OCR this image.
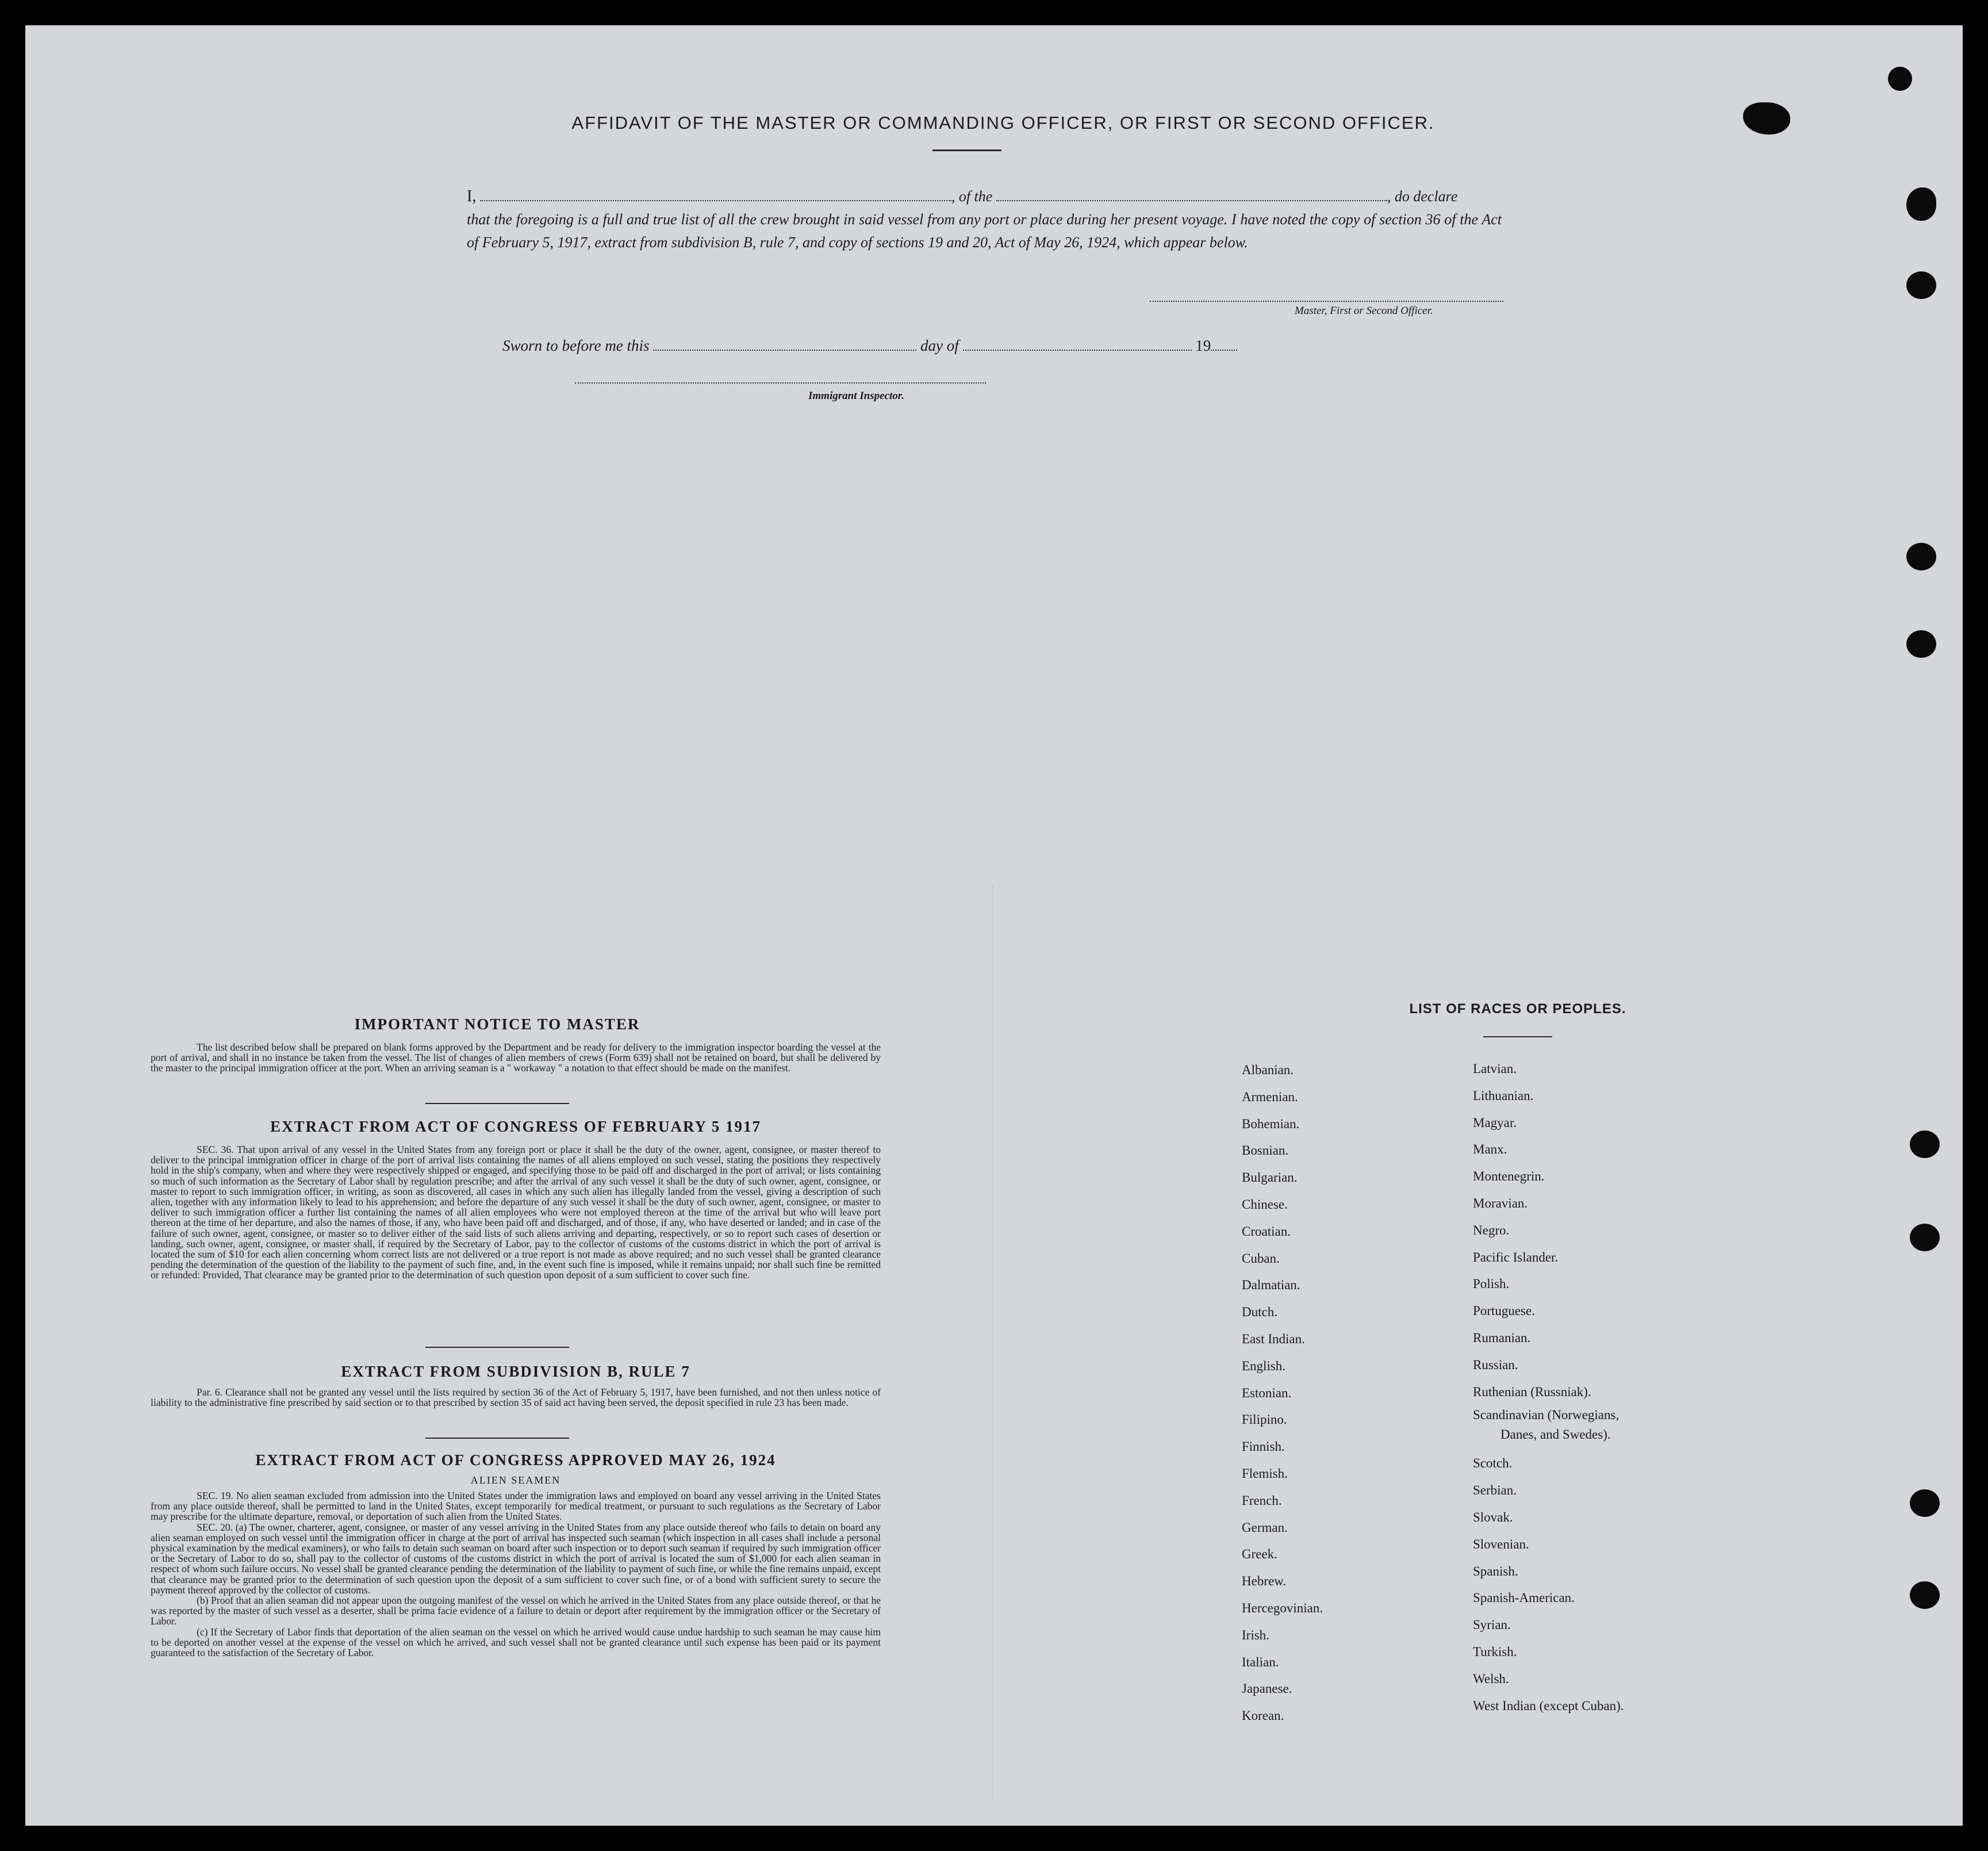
AFFIDAVIT OF THE MASTER OR COMMANDING OFFICER, OR FIRST OR SECOND OFFICER.
I,	, of the	, do declare
that the foregoing is a full and true list of all the crew brought in said vessel from any port or place during her present voyage. I have noted the copy of section 36 of the Act of February 5, 1917, extract from subdivision B, rule 7, and copy of sections 19 and 20, Act of May 26, 1924, which appear below.
Master, First or Second Officer.
Sworn to before me this	day of	19
Immigrant Inspector.
IMPORTANT NOTICE TO MASTER

The list described below shall be prepared on blank forms approved by the Department and be ready for delivery to the immigration inspector boarding the vessel at the port of arrival, and shall in no instance be taken from the vessel. The list of changes of alien members of crews (Form 639) shall not be retained on board, but shall be delivered by the master to the principal immigration officer at the port. When an arriving seaman is a " workaway " a notation to that effect should be made on the manifest.

EXTRACT FROM ACT OF CONGRESS OF FEBRUARY 5 1917

SEC. 36. That upon arrival of any vessel in the United States from any foreign port or place it shall be the duty of the owner, agent, consignee, or master thereof to deliver to the principal immigration officer in charge of the port of arrival lists containing the names of all aliens employed on such vessel, stating the positions they respectively hold in the ship's company, when and where they were respectively shipped or engaged, and specifying those to be paid off and discharged in the port of arrival; or lists containing so much of such information as the Secretary of Labor shall by regulation prescribe; and after the arrival of any such vessel it shall be the duty of such owner, agent, consignee, or master to report to such immigration officer, in writing, as soon as discovered, all cases in which any such alien has illegally landed from the vessel, giving a description of such alien, together with any information likely to lead to his apprehension; and before the departure of any such vessel it shall be the duty of such owner, agent, consignee, or master to deliver to such immigration officer a further list containing the names of all alien employees who were not employed thereon at the time of the arrival but who will leave port thereon at the time of her departure, and also the names of those, if any, who have been paid off and discharged, and of those, if any, who have deserted or landed; and in case of the failure of such owner, agent, consignee, or master so to deliver either of the said lists of such aliens arriving and departing, respectively, or so to report such cases of desertion or landing, such owner, agent, consignee, or master shall, if required by the Secretary of Labor, pay to the collector of customs of the customs district in which the port of arrival is located the sum of $10 for each alien concerning whom correct lists are not delivered or a true report is not made as above required; and no such vessel shall be granted clearance pending the determination of the question of the liability to the payment of such fine, and, in the event such fine is imposed, while it remains unpaid; nor shall such fine be remitted or refunded: Provided, That clearance may be granted prior to the determination of such question upon deposit of a sum sufficient to cover such fine.

EXTRACT FROM SUBDIVISION B, RULE 7

Par. 6. Clearance shall not be granted any vessel until the lists required by section 36 of the Act of February 5, 1917, have been furnished, and not then unless notice of liability to the administrative fine prescribed by said section or to that prescribed by section 35 of said act having been served, the deposit specified in rule 23 has been made.

EXTRACT FROM ACT OF CONGRESS APPROVED MAY 26, 1924
ALIEN SEAMEN

SEC. 19. No alien seaman excluded from admission into the United States under the immigration laws and employed on board any vessel arriving in the United States from any place outside thereof, shall be permitted to land in the United States, except temporarily for medical treatment, or pursuant to such regulations as the Secretary of Labor may prescribe for the ultimate departure, removal, or deportation of such alien from the United States.

SEC. 20. (a) The owner, charterer, agent, consignee, or master of any vessel arriving in the United States from any place outside thereof who fails to detain on board any alien seaman employed on such vessel until the immigration officer in charge at the port of arrival has inspected such seaman (which inspection in all cases shall include a personal physical examination by the medical examiners), or who fails to detain such seaman on board after such inspection or to deport such seaman if required by such immigration officer or the Secretary of Labor to do so, shall pay to the collector of customs of the customs district in which the port of arrival is located the sum of $1,000 for each alien seaman in respect of whom such failure occurs. No vessel shall be granted clearance pending the determination of the liability to payment of such fine, or while the fine remains unpaid, except that clearance may be granted prior to the determination of such question upon the deposit of a sum sufficient to cover such fine, or of a bond with sufficient surety to secure the payment thereof approved by the collector of customs.

(b) Proof that an alien seaman did not appear upon the outgoing manifest of the vessel on which he arrived in the United States from any place outside thereof, or that he was reported by the master of such vessel as a deserter, shall be prima facie evidence of a failure to detain or deport after requirement by the immigration officer or the Secretary of Labor.

(c) If the Secretary of Labor finds that deportation of the alien seaman on the vessel on which he arrived would cause undue hardship to such seaman he may cause him to be deported on another vessel at the expense of the vessel on which he arrived, and such vessel shall not be granted clearance until such expense has been paid or its payment guaranteed to the satisfaction of the Secretary of Labor.

LIST OF RACES OR PEOPLES.
Albanian.
Armenian.
Bohemian.
Bosnian.
Bulgarian.
Chinese.
Croatian.
Cuban.
Dalmatian.
Dutch.
East Indian.
English.
Estonian.
Filipino.
Finnish.
Flemish.
French.
German.
Greek.
Hebrew.
Hercegovinian.
Irish.
Italian.
Japanese.
Korean.
Latvian.
Lithuanian.
Magyar.
Manx.
Montenegrin.
Moravian.
Negro.
Pacific Islander.
Polish.
Portuguese.
Rumanian.
Russian.
Ruthenian (Russniak).
Scandinavian (Norwegians,
Danes, and Swedes).
Scotch.
Serbian.
Slovak.
Slovenian.
Spanish.
Spanish-American.
Syrian.
Turkish.
Welsh.
West Indian (except Cuban).
